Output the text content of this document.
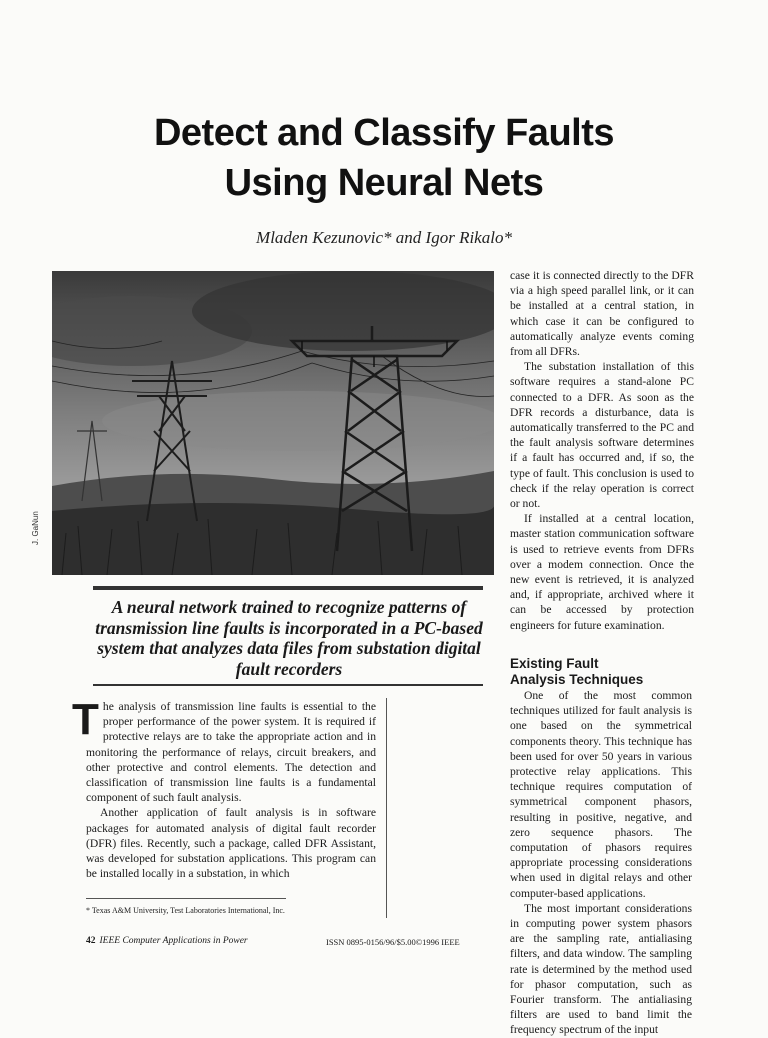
Detect and Classify Faults
Using Neural Nets
Mladen Kezunovic* and Igor Rikalo*
J. GaNun
A neural network trained to recognize patterns of transmission line faults is incorporated in a PC-based system that analyzes data files from substation digital fault recorders

The analysis of transmission line faults is essential to the proper performance of the power system. It is required if protective relays are to take the appropriate action and in monitoring the performance of relays, circuit breakers, and other protective and control elements. The detection and classification of transmission line faults is a fundamental component of such fault analysis.

Another application of fault analysis is in software packages for automated analysis of digital fault recorder (DFR) files. Recently, such a package, called DFR Assistant, was developed for substation applications. This program can be installed locally in a substation, in which

case it is connected directly to the DFR via a high speed parallel link, or it can be installed at a central station, in which case it can be configured to automatically analyze events coming from all DFRs.

The substation installation of this software requires a stand-alone PC connected to a DFR. As soon as the DFR records a disturbance, data is automatically transferred to the PC and the fault analysis software determines if a fault has occurred and, if so, the type of fault. This conclusion is used to check if the relay operation is correct or not.

If installed at a central location, master station communication software is used to retrieve events from DFRs over a modem connection. Once the new event is retrieved, it is analyzed and, if appropriate, archived where it can be accessed by protection engineers for future examination.

Existing Fault
Analysis Techniques

One of the most common techniques utilized for fault analysis is one based on the symmetrical components theory. This technique has been used for over 50 years in various protective relay applications. This technique requires computation of symmetrical component phasors, resulting in positive, negative, and zero sequence phasors. The computation of phasors requires appropriate processing considerations when used in digital relays and other computer-based applications.

The most important considerations in computing power system phasors are the sampling rate, antialiasing filters, and data window. The sampling rate is determined by the method used for phasor computation, such as Fourier transform. The antialiasing filters are used to band limit the frequency spectrum of the input

* Texas A&M University, Test Laboratories International, Inc.
42 IEEE Computer Applications in Power	ISSN 0895-0156/96/$5.00©1996 IEEE
